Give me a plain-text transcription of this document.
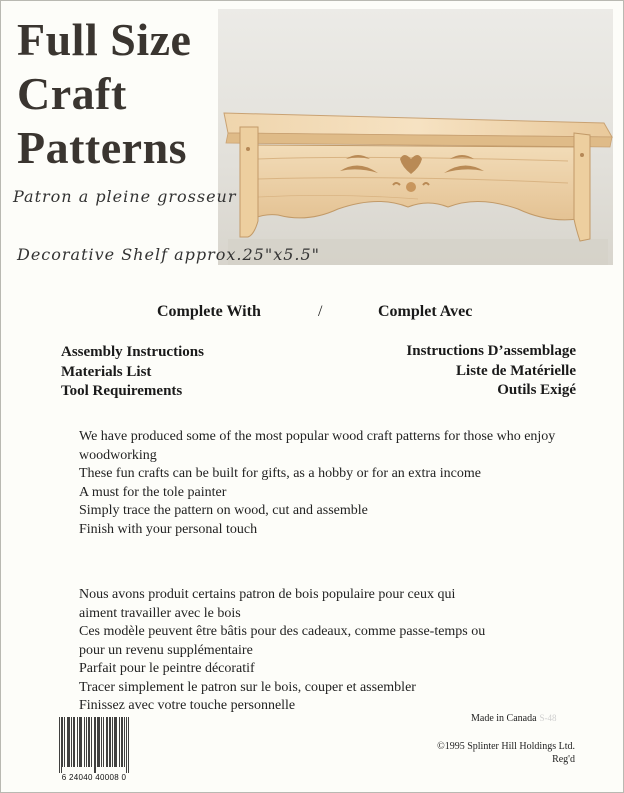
Full Size
Craft
Patterns
Patron a pleine grosseur
Decorative Shelf approx.25"x5.5"
Complete With	/	Complet Avec
Assembly Instructions
Materials List
Tool Requirements
Instructions D’assemblage
Liste de Matérielle
Outils Exigé
We have produced some of the most popular wood craft patterns for those who enjoy
woodworking
These fun crafts can be built for gifts, as a hobby or for an extra income
A must for the tole painter
Simply trace the pattern on wood, cut and assemble
Finish with your personal touch
Nous avons produit certains patron de bois populaire pour ceux qui
aiment travailler avec le bois
Ces modèle peuvent être bâtis pour des cadeaux, comme passe-temps ou
pour un revenu supplémentaire
Parfait pour le peintre décoratif
Tracer simplement le patron sur le bois, couper et assembler
Finissez avec votre touche personnelle
Made in Canada S-48
©1995 Splinter Hill Holdings Ltd.
Reg'd
6 24040 40008 0
